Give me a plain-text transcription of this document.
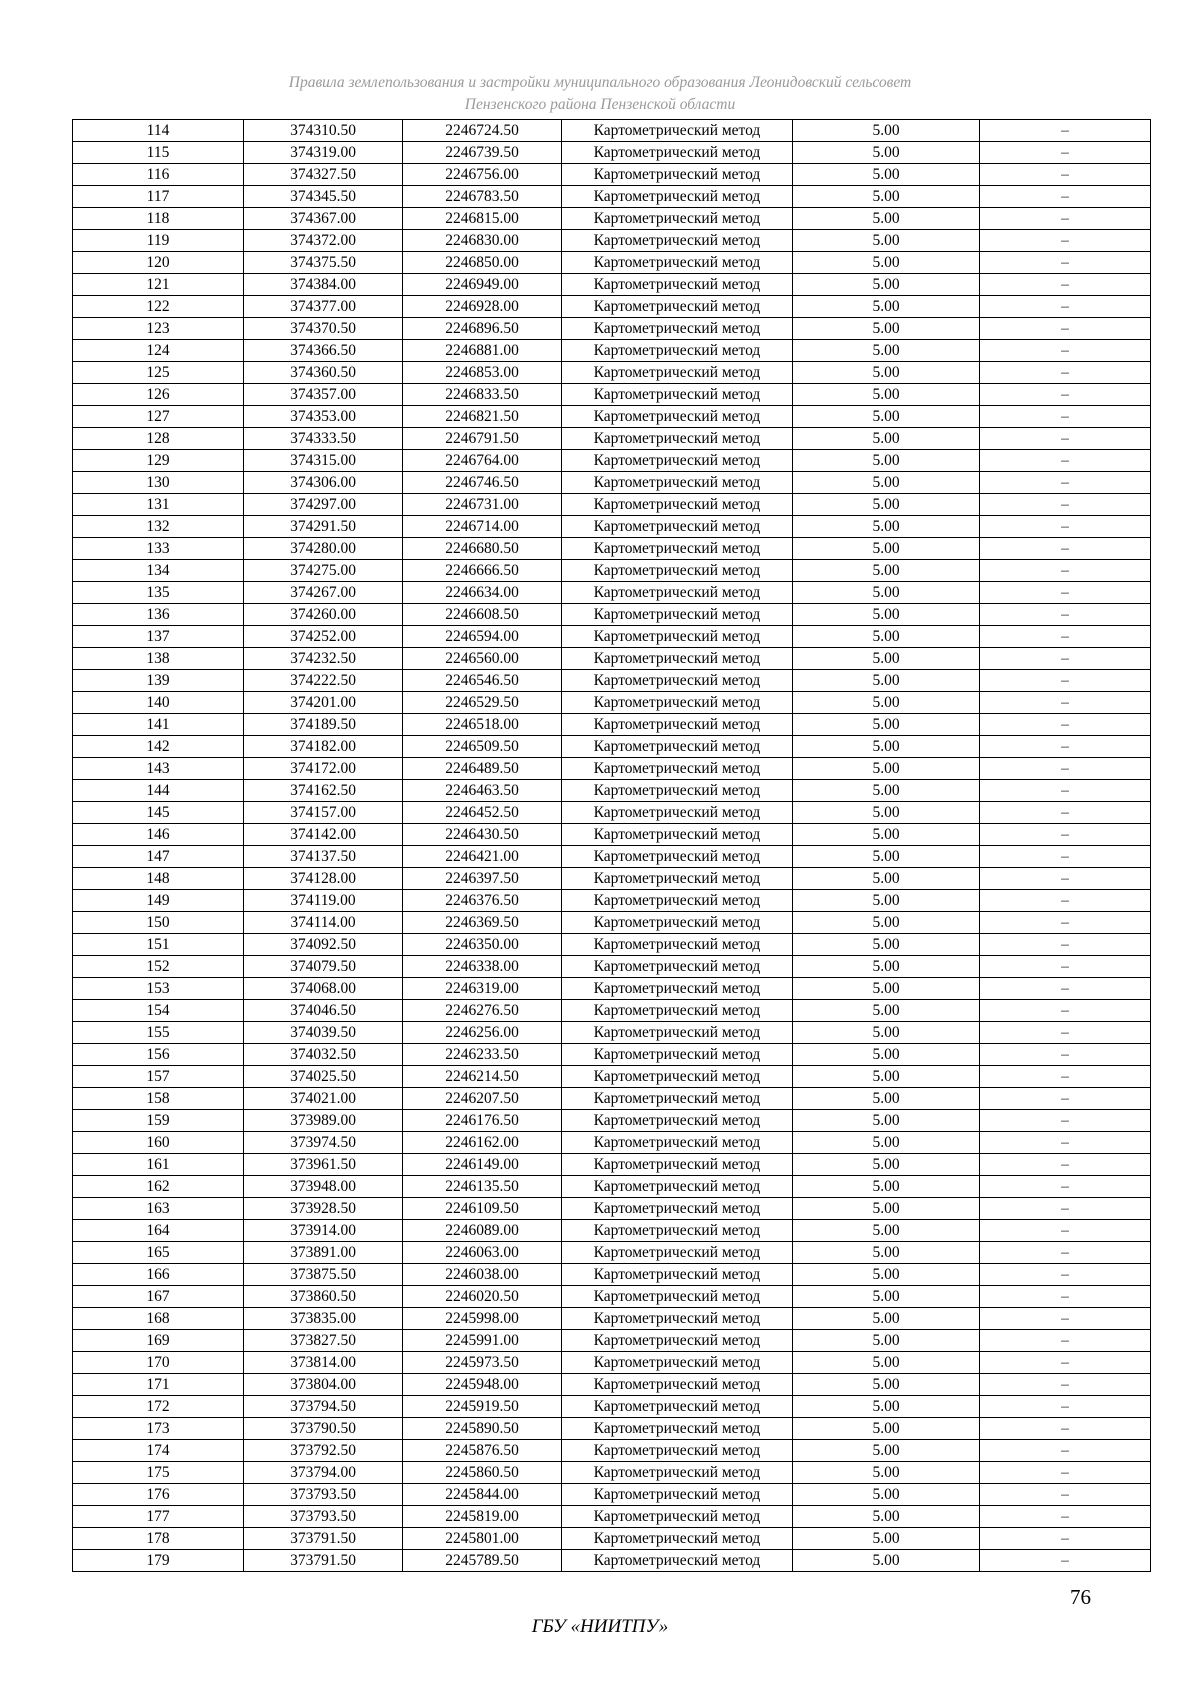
Правила землепользования и застройки муниципального образования Леонидовский сельсовет
Пензенского района Пензенской области
114	374310.50	2246724.50	Картометрический метод	5.00	–
115	374319.00	2246739.50	Картометрический метод	5.00	–
116	374327.50	2246756.00	Картометрический метод	5.00	–
117	374345.50	2246783.50	Картометрический метод	5.00	–
118	374367.00	2246815.00	Картометрический метод	5.00	–
119	374372.00	2246830.00	Картометрический метод	5.00	–
120	374375.50	2246850.00	Картометрический метод	5.00	–
121	374384.00	2246949.00	Картометрический метод	5.00	–
122	374377.00	2246928.00	Картометрический метод	5.00	–
123	374370.50	2246896.50	Картометрический метод	5.00	–
124	374366.50	2246881.00	Картометрический метод	5.00	–
125	374360.50	2246853.00	Картометрический метод	5.00	–
126	374357.00	2246833.50	Картометрический метод	5.00	–
127	374353.00	2246821.50	Картометрический метод	5.00	–
128	374333.50	2246791.50	Картометрический метод	5.00	–
129	374315.00	2246764.00	Картометрический метод	5.00	–
130	374306.00	2246746.50	Картометрический метод	5.00	–
131	374297.00	2246731.00	Картометрический метод	5.00	–
132	374291.50	2246714.00	Картометрический метод	5.00	–
133	374280.00	2246680.50	Картометрический метод	5.00	–
134	374275.00	2246666.50	Картометрический метод	5.00	–
135	374267.00	2246634.00	Картометрический метод	5.00	–
136	374260.00	2246608.50	Картометрический метод	5.00	–
137	374252.00	2246594.00	Картометрический метод	5.00	–
138	374232.50	2246560.00	Картометрический метод	5.00	–
139	374222.50	2246546.50	Картометрический метод	5.00	–
140	374201.00	2246529.50	Картометрический метод	5.00	–
141	374189.50	2246518.00	Картометрический метод	5.00	–
142	374182.00	2246509.50	Картометрический метод	5.00	–
143	374172.00	2246489.50	Картометрический метод	5.00	–
144	374162.50	2246463.50	Картометрический метод	5.00	–
145	374157.00	2246452.50	Картометрический метод	5.00	–
146	374142.00	2246430.50	Картометрический метод	5.00	–
147	374137.50	2246421.00	Картометрический метод	5.00	–
148	374128.00	2246397.50	Картометрический метод	5.00	–
149	374119.00	2246376.50	Картометрический метод	5.00	–
150	374114.00	2246369.50	Картометрический метод	5.00	–
151	374092.50	2246350.00	Картометрический метод	5.00	–
152	374079.50	2246338.00	Картометрический метод	5.00	–
153	374068.00	2246319.00	Картометрический метод	5.00	–
154	374046.50	2246276.50	Картометрический метод	5.00	–
155	374039.50	2246256.00	Картометрический метод	5.00	–
156	374032.50	2246233.50	Картометрический метод	5.00	–
157	374025.50	2246214.50	Картометрический метод	5.00	–
158	374021.00	2246207.50	Картометрический метод	5.00	–
159	373989.00	2246176.50	Картометрический метод	5.00	–
160	373974.50	2246162.00	Картометрический метод	5.00	–
161	373961.50	2246149.00	Картометрический метод	5.00	–
162	373948.00	2246135.50	Картометрический метод	5.00	–
163	373928.50	2246109.50	Картометрический метод	5.00	–
164	373914.00	2246089.00	Картометрический метод	5.00	–
165	373891.00	2246063.00	Картометрический метод	5.00	–
166	373875.50	2246038.00	Картометрический метод	5.00	–
167	373860.50	2246020.50	Картометрический метод	5.00	–
168	373835.00	2245998.00	Картометрический метод	5.00	–
169	373827.50	2245991.00	Картометрический метод	5.00	–
170	373814.00	2245973.50	Картометрический метод	5.00	–
171	373804.00	2245948.00	Картометрический метод	5.00	–
172	373794.50	2245919.50	Картометрический метод	5.00	–
173	373790.50	2245890.50	Картометрический метод	5.00	–
174	373792.50	2245876.50	Картометрический метод	5.00	–
175	373794.00	2245860.50	Картометрический метод	5.00	–
176	373793.50	2245844.00	Картометрический метод	5.00	–
177	373793.50	2245819.00	Картометрический метод	5.00	–
178	373791.50	2245801.00	Картометрический метод	5.00	–
179	373791.50	2245789.50	Картометрический метод	5.00	–
76
ГБУ «НИИТПУ»
